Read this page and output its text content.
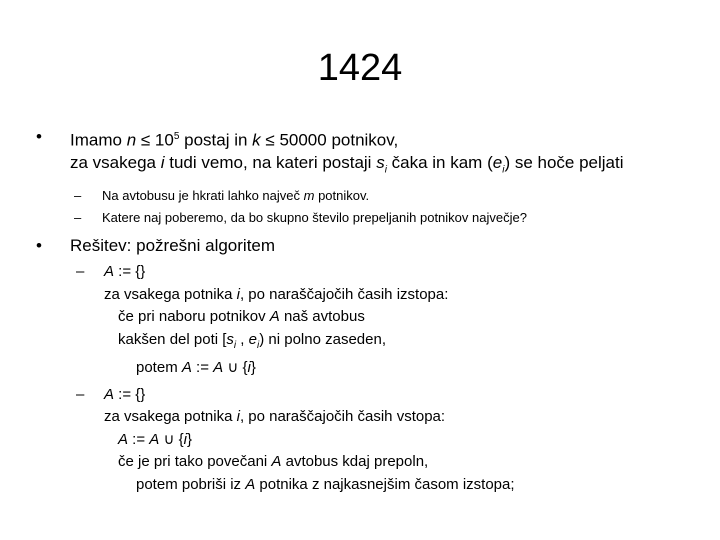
1424
• Imamo $n \le 10^5$ postaj in k ≤ 50000 potnikov,
za vsakega i tudi vemo, na kateri postaji $s_i$ čaka in kam $(e_i)$ se hoče peljati
– Na avtobusu je hkrati lahko največ m potnikov.
– Katere naj poberemo, da bo skupno število prepeljanih potnikov največje?
• Rešitev: požrešni algoritem
– A := {}
za vsakega potnika i, po naraščajočih časih izstopa:
če pri naboru potnikov A naš avtobus
kakšen del poti [$s_i$ , $e_i$) ni polno zaseden,
potem A := A ∪ {i}
– A := {}
za vsakega potnika i, po naraščajočih časih vstopa:
A := A ∪ {i}
če je pri tako povečani A avtobus kdaj prepoln,
potem pobriši iz A potnika z najkasnejšim časom izstopa;
